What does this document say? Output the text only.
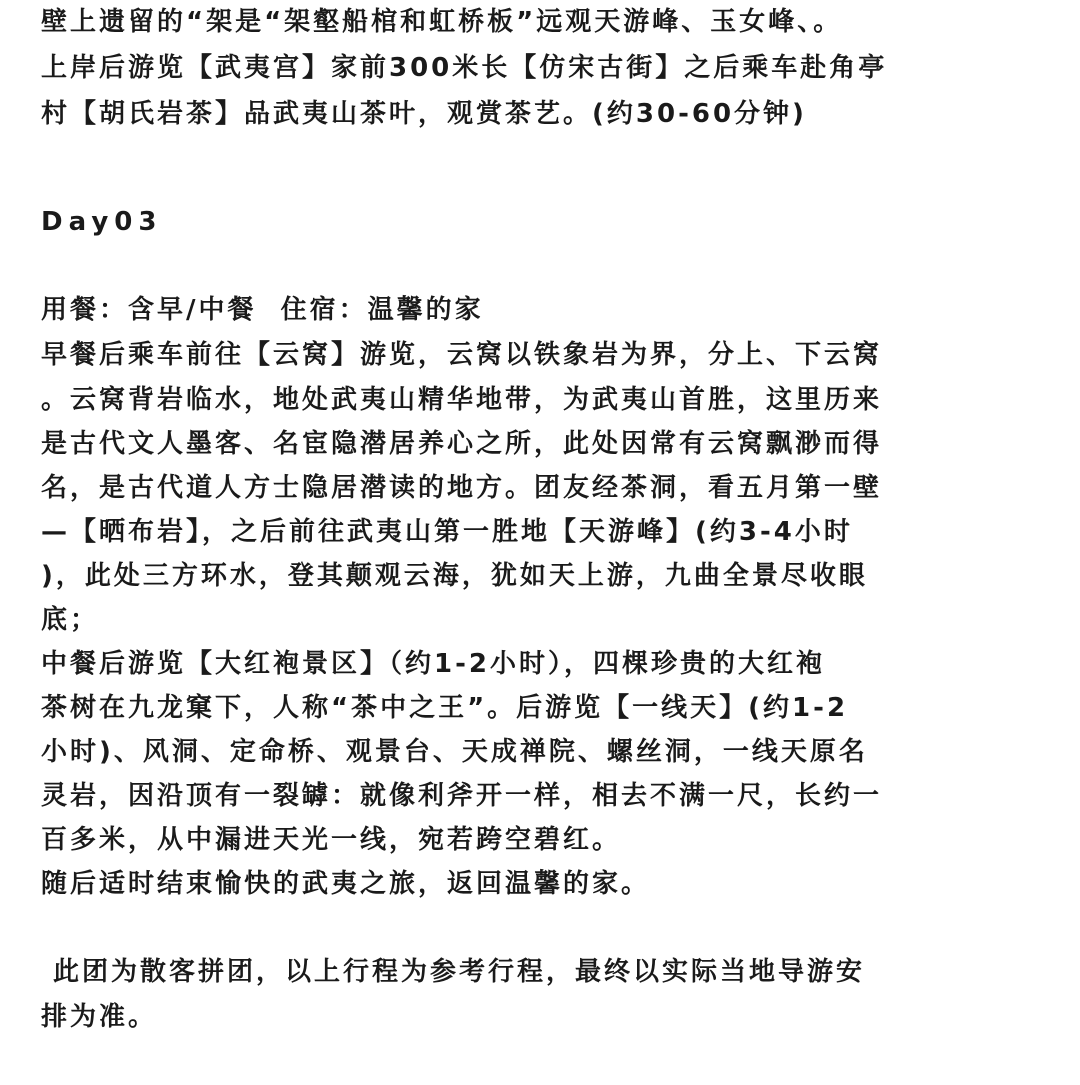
壁上遗留的“架是“架壑船棺和虹桥板”远观天游峰、玉女峰、。
上岸后游览【武夷宫】家前300米长【仿宋古街】之后乘车赴角亭
村【胡氏岩茶】品武夷山茶叶，观赏茶艺。(约30-60分钟)
Day03
用餐：含早/中餐  住宿：温馨的家
早餐后乘车前往【云窝】游览，云窝以铁象岩为界，分上、下云窝
。云窝背岩临水，地处武夷山精华地带，为武夷山首胜，这里历来
是古代文人墨客、名宦隐潜居养心之所，此处因常有云窝飘渺而得
名，是古代道人方士隐居潜读的地方。团友经茶洞，看五月第一壁
—【晒布岩】，之后前往武夷山第一胜地【天游峰】(约3-4小时
)，此处三方环水，登其颠观云海，犹如天上游，九曲全景尽收眼
底；
中餐后游览【大红袍景区】（约1-2小时），四棵珍贵的大红袍
茶树在九龙窠下，人称“茶中之王”。后游览【一线天】(约1-2
小时)、风洞、定命桥、观景台、天成禅院、螺丝洞，一线天原名
灵岩，因沿顶有一裂罅：就像利斧开一样，相去不满一尺，长约一
百多米，从中漏进天光一线，宛若跨空碧红。
随后适时结束愉快的武夷之旅，返回温馨的家。
此团为散客拼团，以上行程为参考行程，最终以实际当地导游安
排为准。
